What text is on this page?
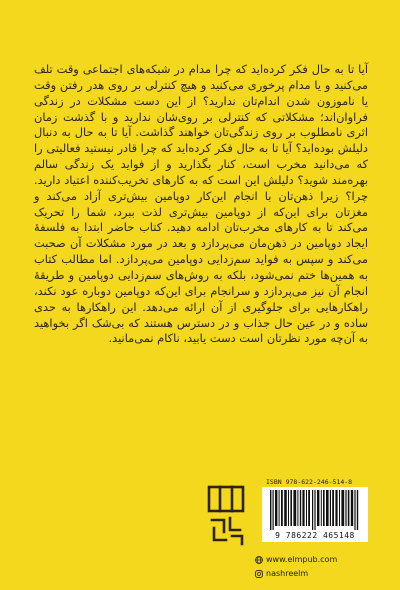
آیا تا به حال فکر کرده‌اید که چرا مدام در شبکه‌های اجتماعی وقت تلف می‌کنید و یا مدام پرخوری می‌کنید و هیچ کنترلی بر روی هدر رفتن وقت یا ناموزون شدن اندام‌تان ندارید؟ از این دست مشکلات در زندگی فراوان‌اند؛ مشکلاتی که کنترلی بر روی‌شان ندارید و با گذشت زمان اثری نامطلوب بر روی زندگی‌تان خواهند گذاشت. آیا تا به حال به دنبال دلیلش بوده‌اید؟ آیا تا به حال فکر کرده‌اید که چرا قادر نیستید فعالیتی را که می‌دانید مخرب است، کنار بگذارید و از فواید یک زندگی سالم بهره‌مند شوید؟ دلیلش این است که به کارهای تخریب‌کننده اعتیاد دارید. چرا؟ زیرا ذهن‌تان با انجام این‌کار دوپامین بیش‌تری آزاد می‌کند و مغزتان برای این‌که از دوپامین بیش‌تری لذت ببرد، شما را تحریک می‌کند تا به کارهای مخرب‌تان ادامه دهید. کتاب حاضر ابتدا به فلسفهٔ ایجاد دوپامین در ذهن‌مان می‌پردازد و بعد در مورد مشکلات آن صحبت می‌کند و سپس به فواید سم‌زدایی دوپامین می‌پردازد. اما مطالب کتاب به همین‌ها ختم نمی‌شود، بلکه به روش‌های سم‌زدایی دوپامین و طریقهٔ انجام آن نیز می‌پردازد و سرانجام برای این‌که دوپامین دوباره عود نکند، راهکارهایی برای جلوگیری از آن ارائه می‌دهد. این راهکارها به حدی ساده و در عین حال جذاب و در دسترس هستند که بی‌شک اگر بخواهید به آن‌چه مورد نظرتان است دست یابید، ناکام نمی‌مانید.

ISBN 978-622-246-514-8
9 786222 465148
www.elmpub.com
nashreelm
